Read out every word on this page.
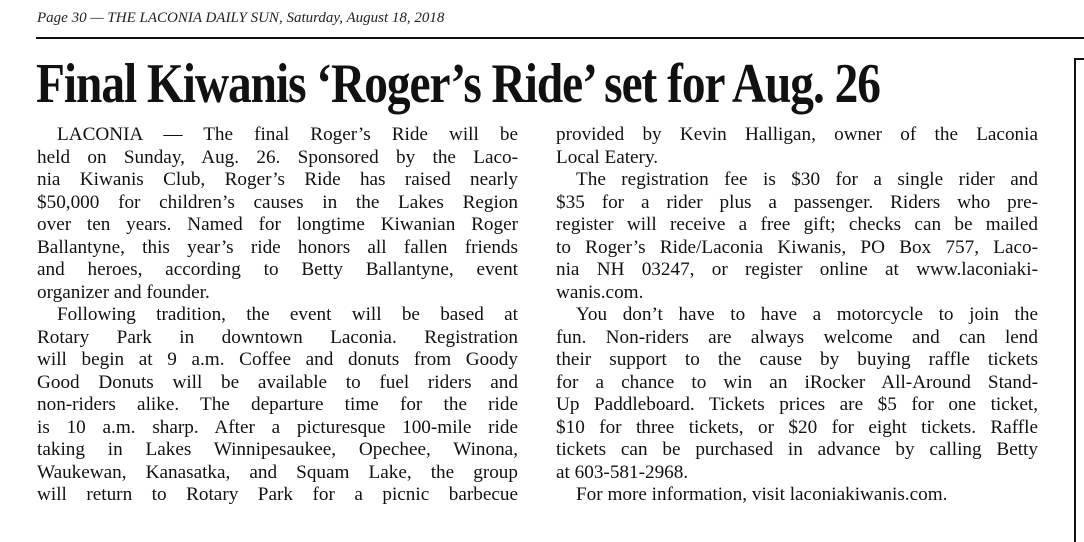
Page 30 — THE LACONIA DAILY SUN, Saturday, August 18, 2018
Final Kiwanis ‘Roger’s Ride’ set for Aug. 26
LACONIA — The final Roger’s Ride will be
held on Sunday, Aug. 26. Sponsored by the Laco-
nia Kiwanis Club, Roger’s Ride has raised nearly
$50,000 for children’s causes in the Lakes Region
over ten years. Named for longtime Kiwanian Roger
Ballantyne, this year’s ride honors all fallen friends
and heroes, according to Betty Ballantyne, event
organizer and founder.
Following tradition, the event will be based at
Rotary Park in downtown Laconia. Registration
will begin at 9 a.m. Coffee and donuts from Goody
Good Donuts will be available to fuel riders and
non-riders alike. The departure time for the ride
is 10 a.m. sharp. After a picturesque 100-mile ride
taking in Lakes Winnipesaukee, Opechee, Winona,
Waukewan, Kanasatka, and Squam Lake, the group
will return to Rotary Park for a picnic barbecue
provided by Kevin Halligan, owner of the Laconia
Local Eatery.
The registration fee is $30 for a single rider and
$35 for a rider plus a passenger. Riders who pre-
register will receive a free gift; checks can be mailed
to Roger’s Ride/Laconia Kiwanis, PO Box 757, Laco-
nia NH 03247, or register online at www.laconiaki-
wanis.com.
You don’t have to have a motorcycle to join the
fun. Non-riders are always welcome and can lend
their support to the cause by buying raffle tickets
for a chance to win an iRocker All-Around Stand-
Up Paddleboard. Tickets prices are $5 for one ticket,
$10 for three tickets, or $20 for eight tickets. Raffle
tickets can be purchased in advance by calling Betty
at 603-581-2968.
For more information, visit laconiakiwanis.com.
